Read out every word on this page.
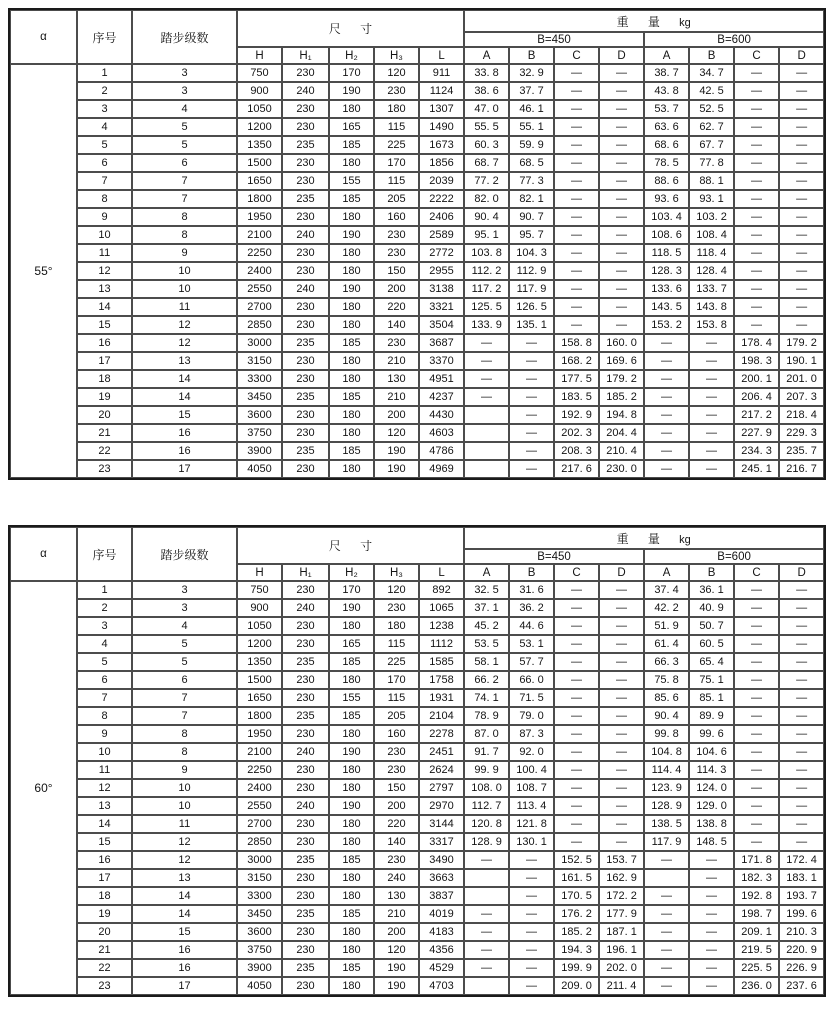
α	序号	踏步级数	尺寸					重量kg							
								B=450				B=600			
			H	H₁	H₂	H₃	L	A	B	C	D	A	B	C	D
55°	1	3	750	230	170	120	911	33. 8	32. 9	—	—	38. 7	34. 7	—	—
	2	3	900	240	190	230	1124	38. 6	37. 7	—	—	43. 8	42. 5	—	—
	3	4	1050	230	180	180	1307	47. 0	46. 1	—	—	53. 7	52. 5	—	—
	4	5	1200	230	165	115	1490	55. 5	55. 1	—	—	63. 6	62. 7	—	—
	5	5	1350	235	185	225	1673	60. 3	59. 9	—	—	68. 6	67. 7	—	—
	6	6	1500	230	180	170	1856	68. 7	68. 5	—	—	78. 5	77. 8	—	—
	7	7	1650	230	155	115	2039	77. 2	77. 3	—	—	88. 6	88. 1	—	—
	8	7	1800	235	185	205	2222	82. 0	82. 1	—	—	93. 6	93. 1	—	—
	9	8	1950	230	180	160	2406	90. 4	90. 7	—	—	103. 4	103. 2	—	—
	10	8	2100	240	190	230	2589	95. 1	95. 7	—	—	108. 6	108. 4	—	—
	11	9	2250	230	180	230	2772	103. 8	104. 3	—	—	118. 5	118. 4	—	—
	12	10	2400	230	180	150	2955	112. 2	112. 9	—	—	128. 3	128. 4	—	—
	13	10	2550	240	190	200	3138	117. 2	117. 9	—	—	133. 6	133. 7	—	—
	14	11	2700	230	180	220	3321	125. 5	126. 5	—	—	143. 5	143. 8	—	—
	15	12	2850	230	180	140	3504	133. 9	135. 1	—	—	153. 2	153. 8	—	—
	16	12	3000	235	185	230	3687	—	—	158. 8	160. 0	—	—	178. 4	179. 2
	17	13	3150	230	180	210	3370	—	—	168. 2	169. 6	—	—	198. 3	190. 1
	18	14	3300	230	180	130	4951	—	—	177. 5	179. 2	—	—	200. 1	201. 0
	19	14	3450	235	185	210	4237	—	—	183. 5	185. 2	—	—	206. 4	207. 3
	20	15	3600	230	180	200	4430		—	192. 9	194. 8	—	—	217. 2	218. 4
	21	16	3750	230	180	120	4603		—	202. 3	204. 4	—	—	227. 9	229. 3
	22	16	3900	235	185	190	4786		—	208. 3	210. 4	—	—	234. 3	235. 7
	23	17	4050	230	180	190	4969		—	217. 6	230. 0	—	—	245. 1	216. 7
α	序号	踏步级数	尺寸					重量kg							
								B=450				B=600			
			H	H₁	H₂	H₃	L	A	B	C	D	A	B	C	D
60°	1	3	750	230	170	120	892	32. 5	31. 6	—	—	37. 4	36. 1	—	—
	2	3	900	240	190	230	1065	37. 1	36. 2	—	—	42. 2	40. 9	—	—
	3	4	1050	230	180	180	1238	45. 2	44. 6	—	—	51. 9	50. 7	—	—
	4	5	1200	230	165	115	1112	53. 5	53. 1	—	—	61. 4	60. 5	—	—
	5	5	1350	235	185	225	1585	58. 1	57. 7	—	—	66. 3	65. 4	—	—
	6	6	1500	230	180	170	1758	66. 2	66. 0	—	—	75. 8	75. 1	—	—
	7	7	1650	230	155	115	1931	74. 1	71. 5	—	—	85. 6	85. 1	—	—
	8	7	1800	235	185	205	2104	78. 9	79. 0	—	—	90. 4	89. 9	—	—
	9	8	1950	230	180	160	2278	87. 0	87. 3	—	—	99. 8	99. 6	—	—
	10	8	2100	240	190	230	2451	91. 7	92. 0	—	—	104. 8	104. 6	—	—
	11	9	2250	230	180	230	2624	99. 9	100. 4	—	—	114. 4	114. 3	—	—
	12	10	2400	230	180	150	2797	108. 0	108. 7	—	—	123. 9	124. 0	—	—
	13	10	2550	240	190	200	2970	112. 7	113. 4	—	—	128. 9	129. 0	—	—
	14	11	2700	230	180	220	3144	120. 8	121. 8	—	—	138. 5	138. 8	—	—
	15	12	2850	230	180	140	3317	128. 9	130. 1	—	—	117. 9	148. 5	—	—
	16	12	3000	235	185	230	3490	—	—	152. 5	153. 7	—	—	171. 8	172. 4
	17	13	3150	230	180	240	3663		—	161. 5	162. 9		—	182. 3	183. 1
	18	14	3300	230	180	130	3837		—	170. 5	172. 2	—	—	192. 8	193. 7
	19	14	3450	235	185	210	4019	—	—	176. 2	177. 9	—	—	198. 7	199. 6
	20	15	3600	230	180	200	4183	—	—	185. 2	187. 1	—	—	209. 1	210. 3
	21	16	3750	230	180	120	4356	—	—	194. 3	196. 1	—	—	219. 5	220. 9
	22	16	3900	235	185	190	4529	—	—	199. 9	202. 0	—	—	225. 5	226. 9
	23	17	4050	230	180	190	4703		—	209. 0	211. 4	—	—	236. 0	237. 6
